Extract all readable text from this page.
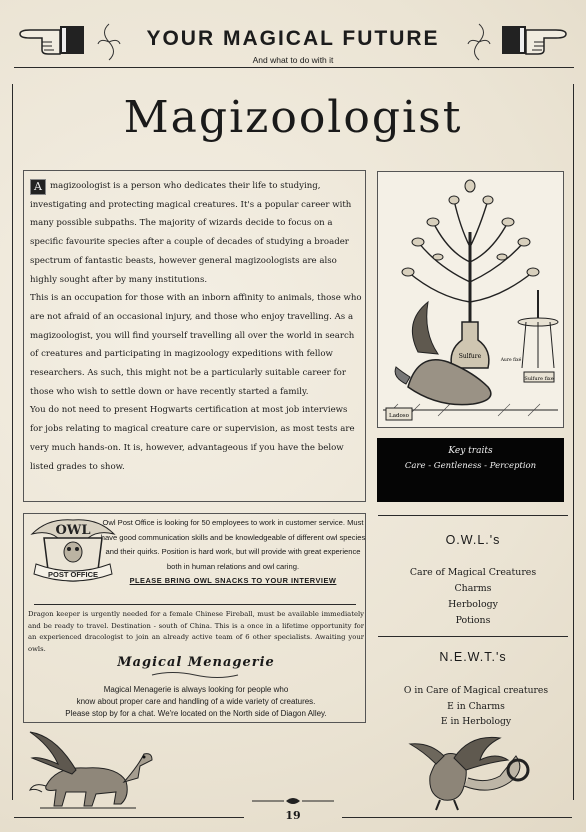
YOUR MAGICAL FUTURE
And what to do with it
Magizoologist

A magizoologist is a person who dedicates their life to studying, investigating and protecting magical creatures. It's a popular career with many possible subpaths. The majority of wizards decide to focus on a specific favourite species after a couple of decades of studying a broader spectrum of fantastic beasts, however general magizoologists are also highly sought after by many institutions.

This is an occupation for those with an inborn affinity to animals, those who are not afraid of an occasional injury, and those who enjoy travelling. As a magizoologist, you will find yourself travelling all over the world in search of creatures and participating in magizoology expeditions with fellow researchers. As such, this might not be a particularly suitable career for those who wish to settle down or have recently started a family.

You do not need to present Hogwarts certification at most job interviews for jobs relating to magical creature care or supervision, as most tests are very much hands-on. It is, however, advantageous if you have the below listed grades to show.

Sulfure
Ladoso
Sulfure fixe
Aure fixé
Key traits
Care - Gentleness - Perception
OWL
POST OFFICE
Owl Post Office is looking for 50 employees to work in customer service. Must have good communication skills and be knowledgeable of different owl species and their quirks. Position is hard work, but will provide with great experience both in human relations and owl caring.
PLEASE BRING OWL SNACKS TO YOUR INTERVIEW
Dragon keeper is urgently needed for a female Chinese Fireball, must be available immediately and be ready to travel. Destination - south of China. This is a once in a lifetime opportunity for an experienced dracologist to join an already active team of 6 other specialists. Awaiting your owls.
Magical Menagerie
Magical Menagerie is always looking for people who
know about proper care and handling of a wide variety of creatures.
Please stop by for a chat. We're located on the North side of Diagon Alley.
O.W.L.'s
Care of Magical Creatures
Charms
Herbology
Potions
N.E.W.T.'s
O in Care of Magical creatures
E in Charms
E in Herbology
19
